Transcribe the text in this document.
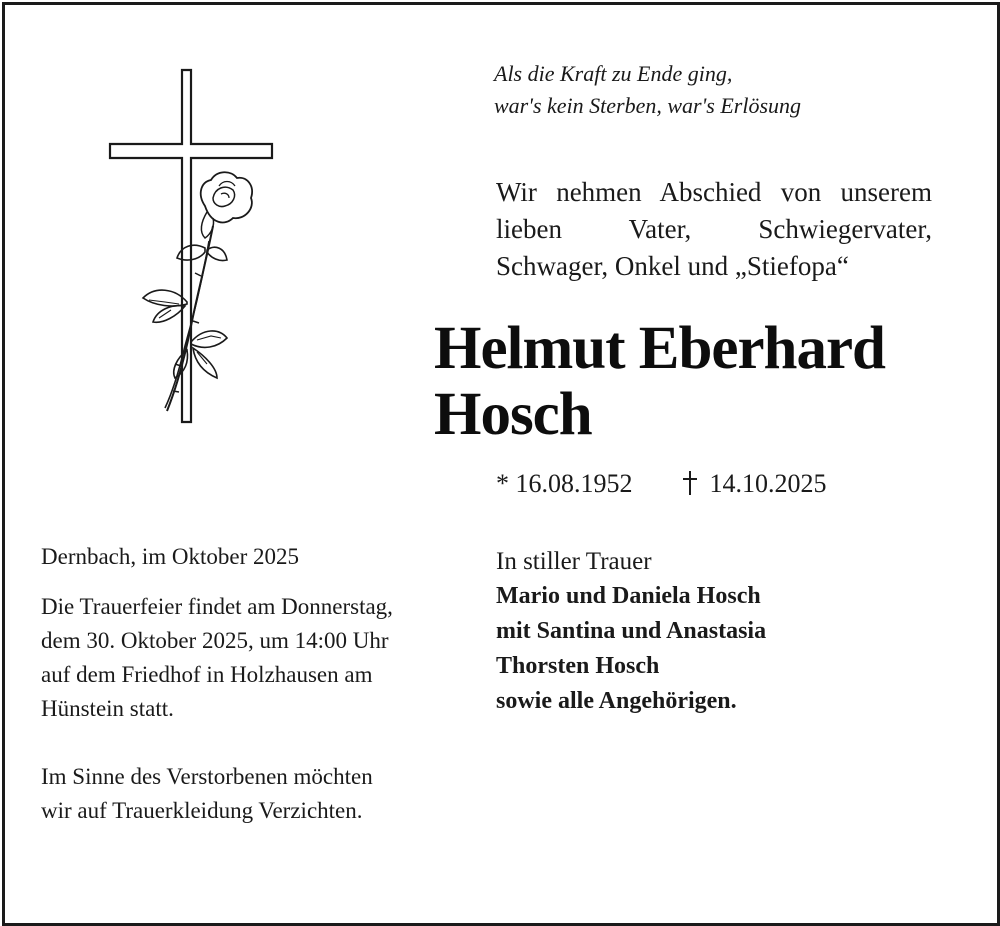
Als die Kraft zu Ende ging,
war's kein Sterben, war's Erlösung
Wir nehmen Abschied von unserem
lieben Vater, Schwiegervater,
Schwager, Onkel und „Stiefopa“
Helmut Eberhard
Hosch
* 16.08.1952	14.10.2025

Dernbach, im Oktober 2025

Die Trauerfeier findet am Donnerstag,

dem 30. Oktober 2025, um 14:00 Uhr

auf dem Friedhof in Holzhausen am

Hünstein statt.

Im Sinne des Verstorbenen möchten

wir auf Trauerkleidung Verzichten.

In stiller Trauer
Mario und Daniela Hosch
mit Santina und Anastasia
Thorsten Hosch
sowie alle Angehörigen.
